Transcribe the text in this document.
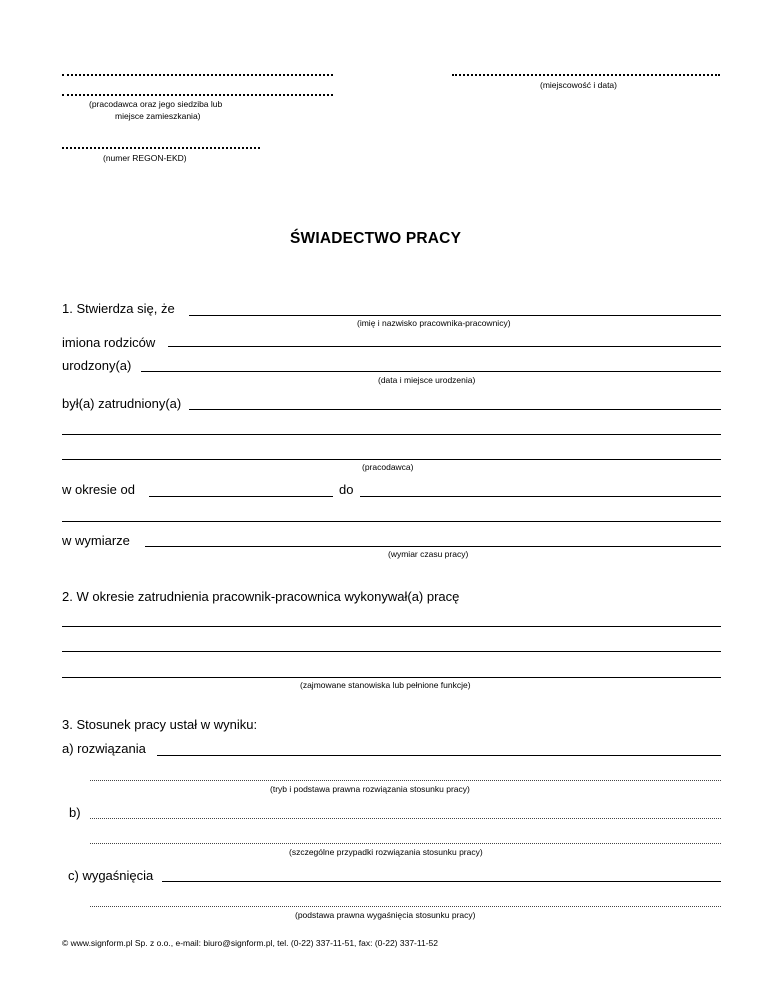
(miejscowość i data)
(pracodawca oraz jego siedziba lub
miejsce zamieszkania)
(numer REGON-EKD)
ŚWIADECTWO PRACY
1. Stwierdza się, że
(imię i nazwisko pracownika-pracownicy)
imiona rodziców
urodzony(a)
(data i miejsce urodzenia)
był(a) zatrudniony(a)
(pracodawca)
w okresie od	do
w wymiarze
(wymiar czasu pracy)
2. W okresie zatrudnienia pracownik-pracownica wykonywał(a) pracę
(zajmowane stanowiska lub pełnione funkcje)
3. Stosunek pracy ustał w wyniku:
a) rozwiązania
(tryb i podstawa prawna rozwiązania stosunku pracy)
b)
(szczególne przypadki rozwiązania stosunku pracy)
c) wygaśnięcia
(podstawa prawna wygaśnięcia stosunku pracy)
© www.signform.pl Sp. z o.o., e-mail: biuro@signform.pl, tel. (0-22) 337-11-51, fax: (0-22) 337-11-52
